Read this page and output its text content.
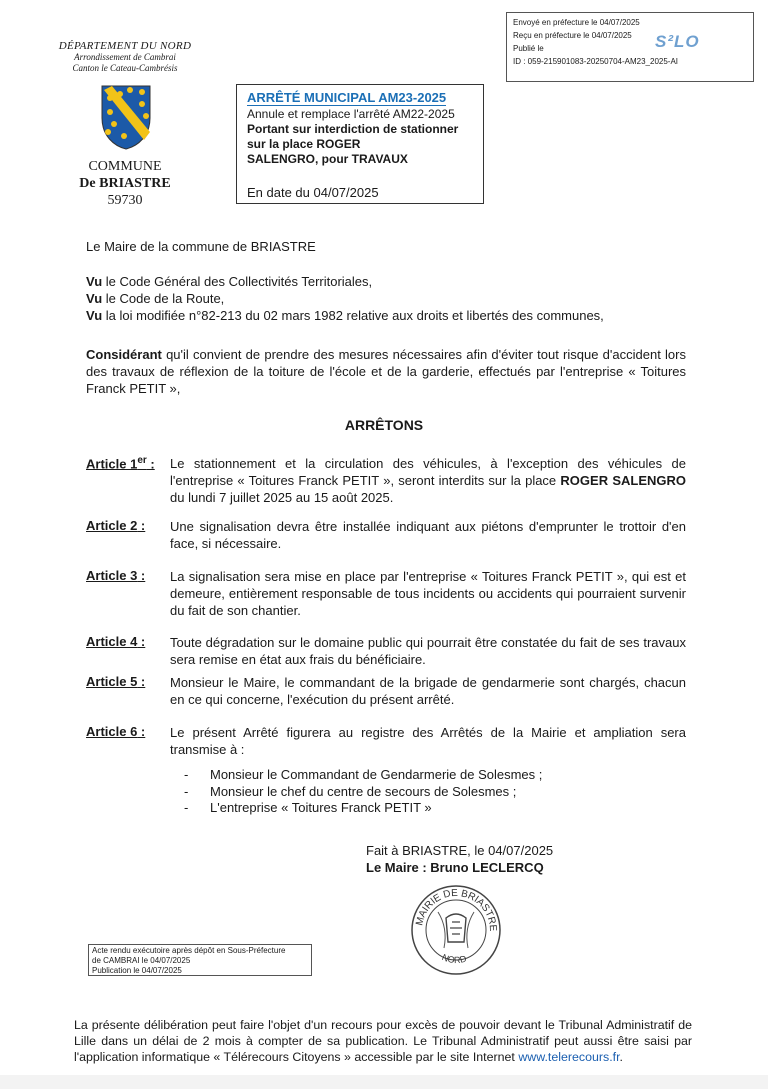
Envoyé en préfecture le 04/07/2025
Reçu en préfecture le 04/07/2025
Publié le
ID : 059-215901083-20250704-AM23_2025-AI
S²LO
DÉPARTEMENT DU NORD
Arrondissement de Cambrai
Canton le Cateau-Cambrésis
COMMUNE
De BRIASTRE
59730
ARRÊTÉ MUNICIPAL AM23-2025
Annule et remplace l'arrêté AM22-2025
Portant sur interdiction de stationner sur la place ROGER
SALENGRO, pour TRAVAUX
En date du 04/07/2025
Le Maire de la commune de BRIASTRE
Vu le Code Général des Collectivités Territoriales,
Vu le Code de la Route,
Vu la loi modifiée n°82-213 du 02 mars 1982 relative aux droits et libertés des communes,
Considérant qu'il convient de prendre des mesures nécessaires afin d'éviter tout risque d'accident lors des travaux de réflexion de la toiture de l'école et de la garderie, effectués par l'entreprise « Toitures Franck PETIT »,
ARRÊTONS
Article 1er : Le stationnement et la circulation des véhicules, à l'exception des véhicules de l'entreprise « Toitures Franck PETIT », seront interdits sur la place ROGER SALENGRO du lundi 7 juillet 2025 au 15 août 2025.
Article 2 : Une signalisation devra être installée indiquant aux piétons d'emprunter le trottoir d'en face, si nécessaire.
Article 3 : La signalisation sera mise en place par l'entreprise « Toitures Franck PETIT », qui est et demeure, entièrement responsable de tous incidents ou accidents qui pourraient survenir du fait de son chantier.
Article 4 : Toute dégradation sur le domaine public qui pourrait être constatée du fait de ses travaux sera remise en état aux frais du bénéficiaire.
Article 5 : Monsieur le Maire, le commandant de la brigade de gendarmerie sont chargés, chacun en ce qui concerne, l'exécution du présent arrêté.
Article 6 : Le présent Arrêté figurera au registre des Arrêtés de la Mairie et ampliation sera transmise à :
- Monsieur le Commandant de Gendarmerie de Solesmes ;
- Monsieur le chef du centre de secours de Solesmes ;
- L'entreprise « Toitures Franck PETIT »
Fait à BRIASTRE, le 04/07/2025
Le Maire : Bruno LECLERCQ
MAIRIE DE BRIASTRE
NORD
Acte rendu exécutoire après dépôt en Sous-Préfecture
de CAMBRAI le 04/07/2025
Publication le 04/07/2025
La présente délibération peut faire l'objet d'un recours pour excès de pouvoir devant le Tribunal Administratif de Lille dans un délai de 2 mois à compter de sa publication. Le Tribunal Administratif peut aussi être saisi par l'application informatique « Télérecours Citoyens » accessible par le site Internet www.telerecours.fr.
